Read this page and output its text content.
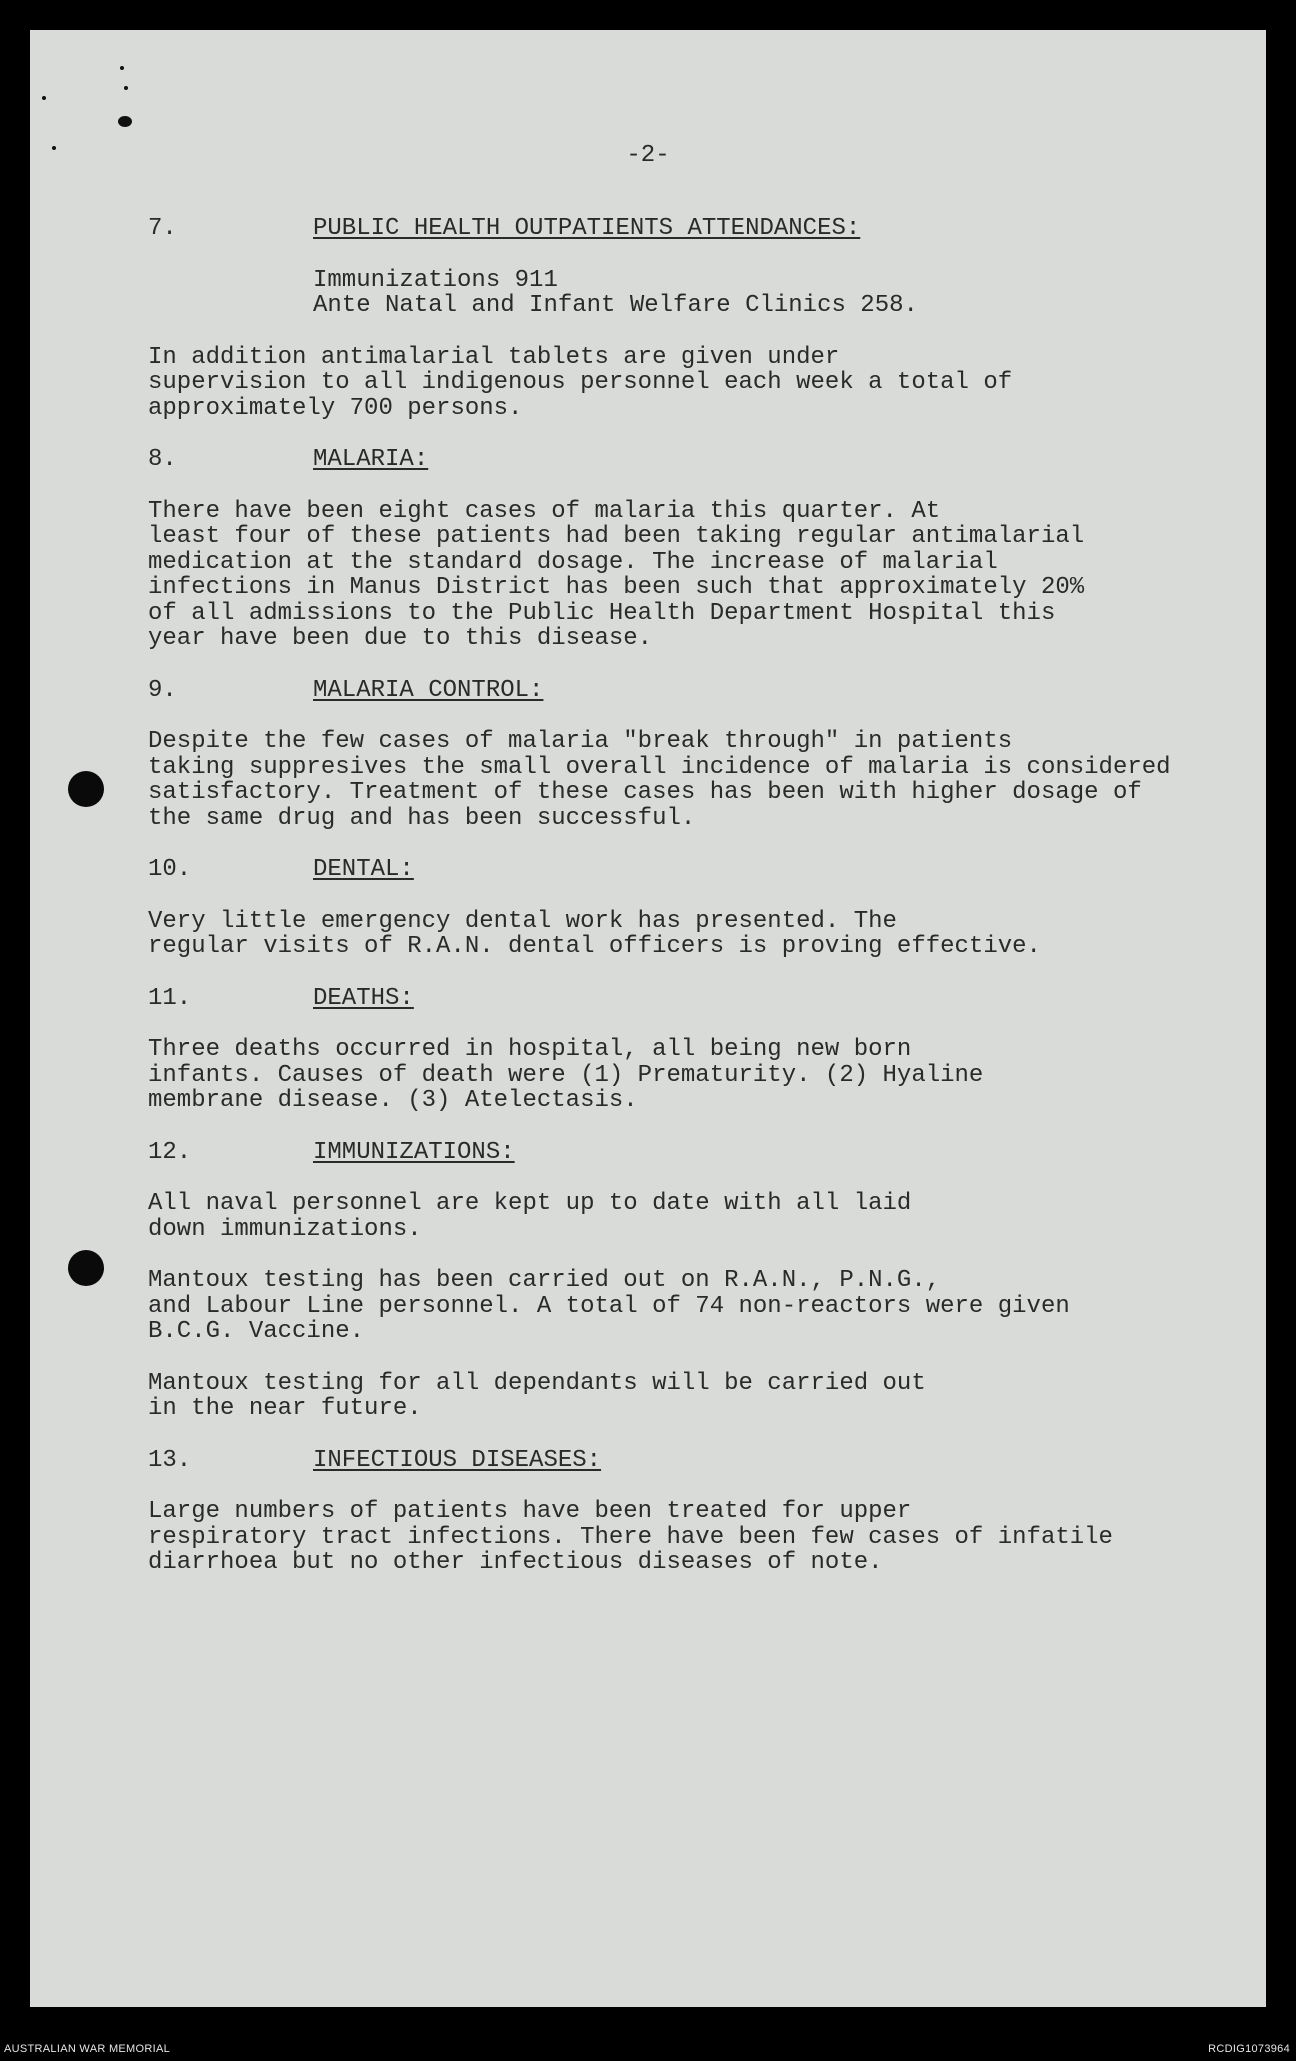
-2-
7.	PUBLIC HEALTH OUTPATIENTS ATTENDANCES:
Immunizations 911
Ante Natal and Infant Welfare Clinics 258.

In addition antimalarial tablets are given under
supervision to all indigenous personnel each week a total of
approximately 700 persons.

8.	MALARIA:

There have been eight cases of malaria this quarter. At
least four of these patients had been taking regular antimalarial
medication at the standard dosage. The increase of malarial
infections in Manus District has been such that approximately 20%
of all admissions to the Public Health Department Hospital this
year have been due to this disease.

9.	MALARIA CONTROL:

Despite the few cases of malaria "break through" in patients
taking suppresives the small overall incidence of malaria is considered
satisfactory. Treatment of these cases has been with higher dosage of
the same drug and has been successful.

10.	DENTAL:

Very little emergency dental work has presented. The
regular visits of R.A.N. dental officers is proving effective.

11.	DEATHS:

Three deaths occurred in hospital, all being new born
infants. Causes of death were (1) Prematurity. (2) Hyaline
membrane disease. (3) Atelectasis.

12.	IMMUNIZATIONS:

All naval personnel are kept up to date with all laid
down immunizations.

Mantoux testing has been carried out on R.A.N., P.N.G.,
and Labour Line personnel. A total of 74 non-reactors were given
B.C.G. Vaccine.

Mantoux testing for all dependants will be carried out
in the near future.

13.	INFECTIOUS DISEASES:

Large numbers of patients have been treated for upper
respiratory tract infections. There have been few cases of infatile
diarrhoea but no other infectious diseases of note.

AUSTRALIAN WAR MEMORIAL	RCDIG1073964
